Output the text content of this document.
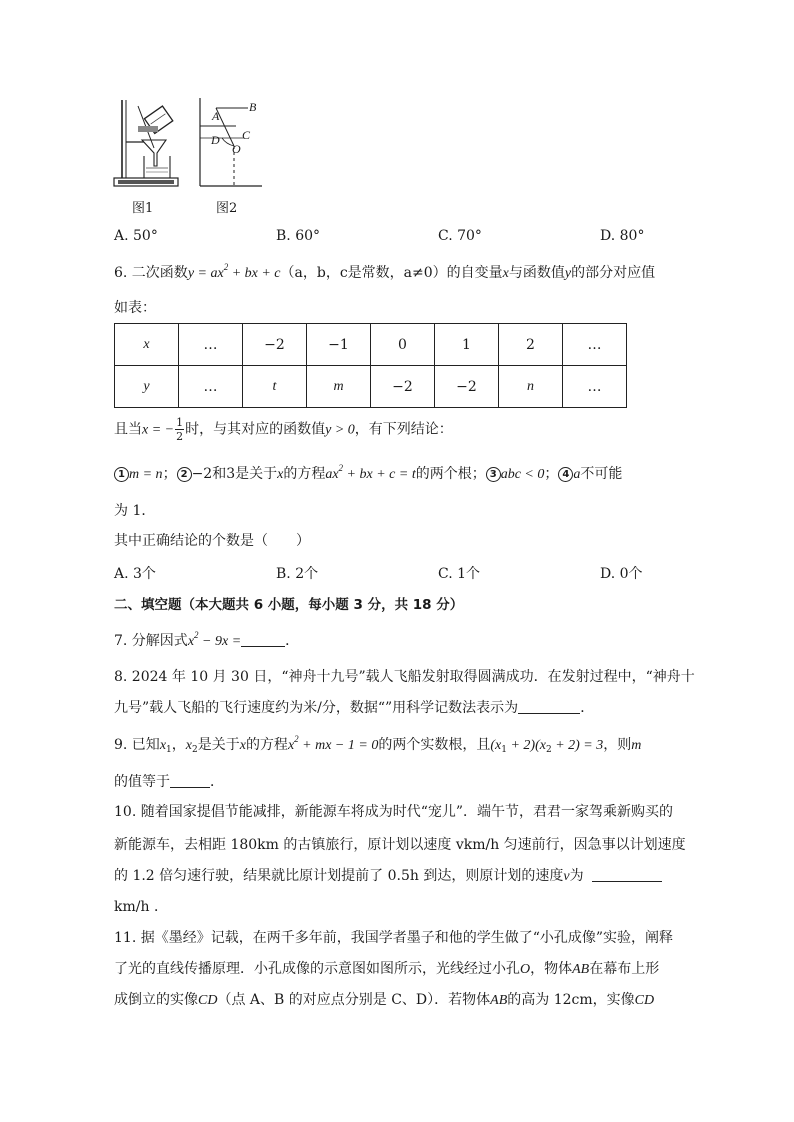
图1
B
A
C
D
O
图2
A. 50°	B. 60°	C. 70°	D. 80°
6. 二次函数$y = ax^2$ + bx + c（a，b，c是常数，a≠0）的自变量x与函数值y的部分对应值
如表：
x	…	−2	−1	0	1	2	…
y	…	t	m	−2	−2	n	…
且当x = − $\frac{1}{2}$ 时，与其对应的函数值y > 0，有下列结论：
1 m = n； 2 −2和3是关于x的方程$ax^2$ + bx + c = t的两个根； 3 abc < 0； 4 a不可能
为 1．
其中正确结论的个数是（　　）
A. 3个	B. 2个	C. 1个	D. 0个
二、填空题（本大题共 6 小题，每小题 3 分，共 18 分）
7. 分解因式$x^2 - 9x$ =	．
8. 2024 年 10 月 30 日，“神舟十九号”载人飞船发射取得圆满成功．在发射过程中，“神舟十
九号”载人飞船的飞行速度约为米/分，数据“”用科学记数法表示为	．
9. 已知$x_1$，$x_2$是关于x的方程$x^2$ + mx − 1 = 0的两个实数根，且$(x_1 + 2)(x_2 + 2) = 3$，则m
的值等于	．
10. 随着国家提倡节能减排，新能源车将成为时代“宠儿”．端午节，君君一家驾乘新购买的
新能源车，去相距 180km 的古镇旅行，原计划以速度 vkm/h 匀速前行，因急事以计划速度
的 1.2 倍匀速行驶，结果就比原计划提前了 0.5h 到达，则原计划的速度v为
km/h ．
11. 据《墨经》记载，在两千多年前，我国学者墨子和他的学生做了“小孔成像”实验，阐释
了光的直线传播原理．小孔成像的示意图如图所示，光线经过小孔O，物体AB在幕布上形
成倒立的实像CD（点 A、B 的对应点分别是 C、D）．若物体AB的高为 12cm，实像CD
